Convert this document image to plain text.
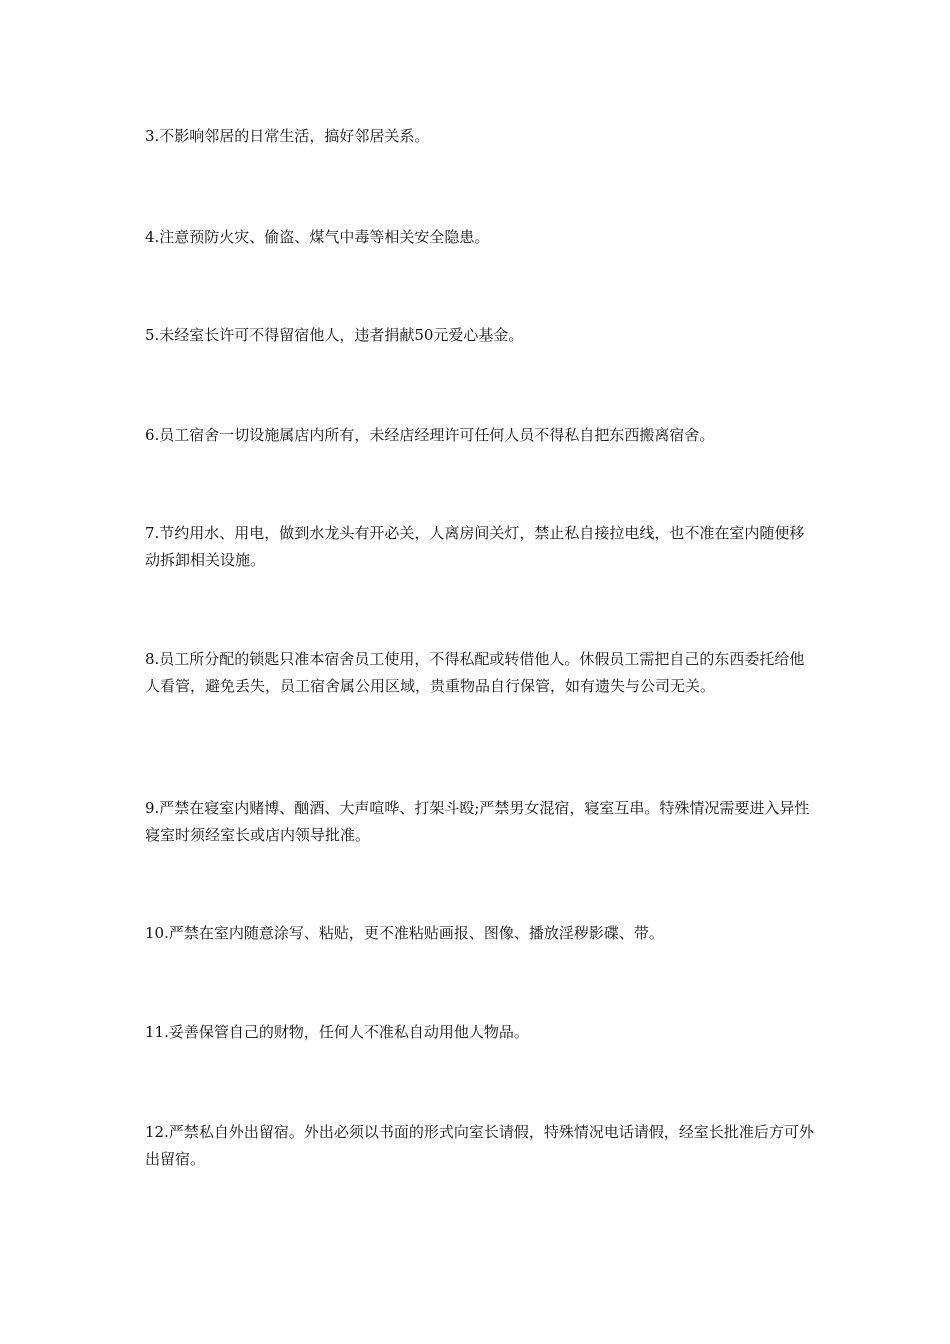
3.不影响邻居的日常生活，搞好邻居关系。

4.注意预防火灾、偷盗、煤气中毒等相关安全隐患。

5.未经室长许可不得留宿他人，违者捐献50元爱心基金。

6.员工宿舍一切设施属店内所有，未经店经理许可任何人员不得私自把东西搬离宿舍。

7.节约用水、用电，做到水龙头有开必关，人离房间关灯，禁止私自接拉电线，也不准在室内随便移动拆卸相关设施。

8.员工所分配的锁匙只准本宿舍员工使用，不得私配或转借他人。休假员工需把自己的东西委托给他人看管，避免丢失，员工宿舍属公用区域，贵重物品自行保管，如有遗失与公司无关。

9.严禁在寝室内赌博、酗酒、大声喧哗、打架斗殴;严禁男女混宿，寝室互串。特殊情况需要进入异性寝室时须经室长或店内领导批准。

10.严禁在室内随意涂写、粘贴，更不准粘贴画报、图像、播放淫秽影碟、带。

11.妥善保管自己的财物，任何人不准私自动用他人物品。

12.严禁私自外出留宿。外出必须以书面的形式向室长请假，特殊情况电话请假，经室长批准后方可外出留宿。
